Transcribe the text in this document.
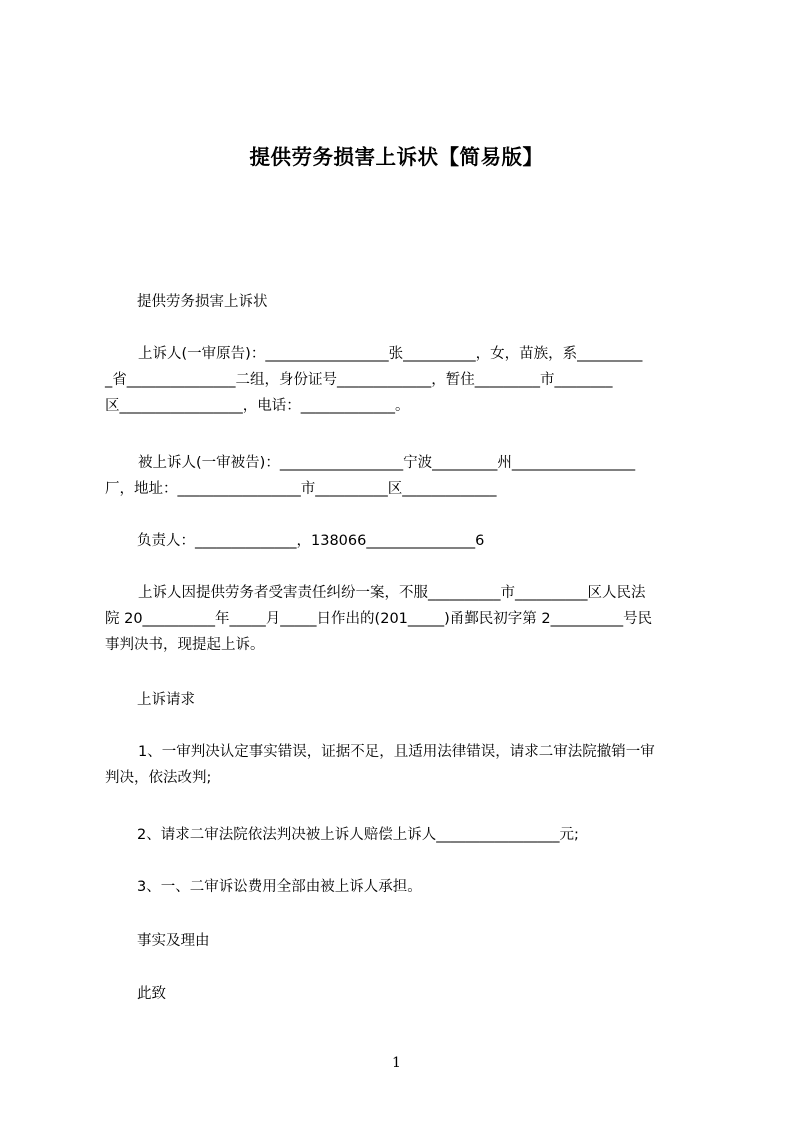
提供劳务损害上诉状【简易版】
提供劳务损害上诉状
上诉人(一审原告)：_________________张__________，女，苗族，系_________
_省_______________二组，身份证号_____________，暂住_________市________
区_________________，电话：_____________。
被上诉人(一审被告)：_________________宁波_________州_________________
厂，地址：_________________市__________区_____________
负责人：______________，138066_______________6
上诉人因提供劳务者受害责任纠纷一案，不服__________市__________区人民法
院 20__________年_____月_____日作出的(201_____)甬鄞民初字第 2__________号民
事判决书，现提起上诉。
上诉请求
1、一审判决认定事实错误，证据不足，且适用法律错误，请求二审法院撤销一审
判决，依法改判;
2、请求二审法院依法判决被上诉人赔偿上诉人_________________元;
3、一、二审诉讼费用全部由被上诉人承担。
事实及理由
此致
1
